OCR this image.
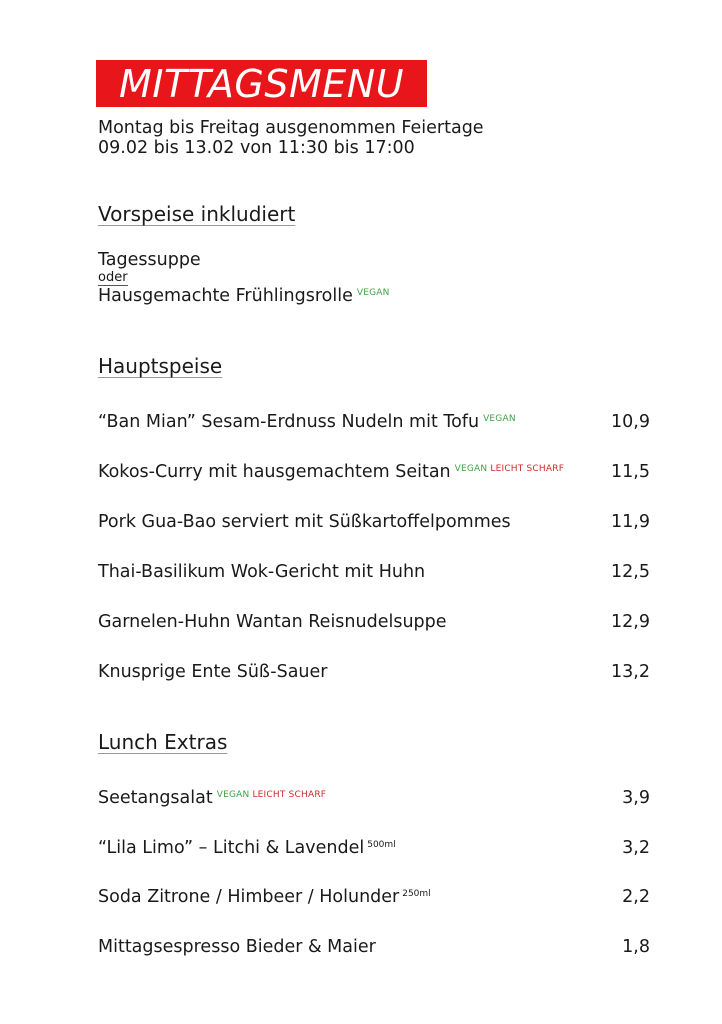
MITTAGSMENU
Montag bis Freitag ausgenommen Feiertage
09.02 bis 13.02 von 11:30 bis 17:00
Vorspeise inkludiert
Tagessuppe
oder
Hausgemachte Frühlingsrolle $^{VEGAN}$
Hauptspeise
“Ban Mian” Sesam-Erdnuss Nudeln mit Tofu $^{VEGAN}$	10,9
Kokos-Curry mit hausgemachtem Seitan $^{VEGAN}$ $^{LEICHT SCHARF}$	11,5
Pork Gua-Bao serviert mit Süßkartoffelpommes	11,9
Thai-Basilikum Wok-Gericht mit Huhn	12,5
Garnelen-Huhn Wantan Reisnudelsuppe	12,9
Knusprige Ente Süß-Sauer	13,2
Lunch Extras
Seetangsalat $^{VEGAN}$ $^{LEICHT SCHARF}$	3,9
“Lila Limo” – Litchi & Lavendel $^{500ml}$	3,2
Soda Zitrone / Himbeer / Holunder $^{250ml}$	2,2
Mittagsespresso Bieder & Maier	1,8
